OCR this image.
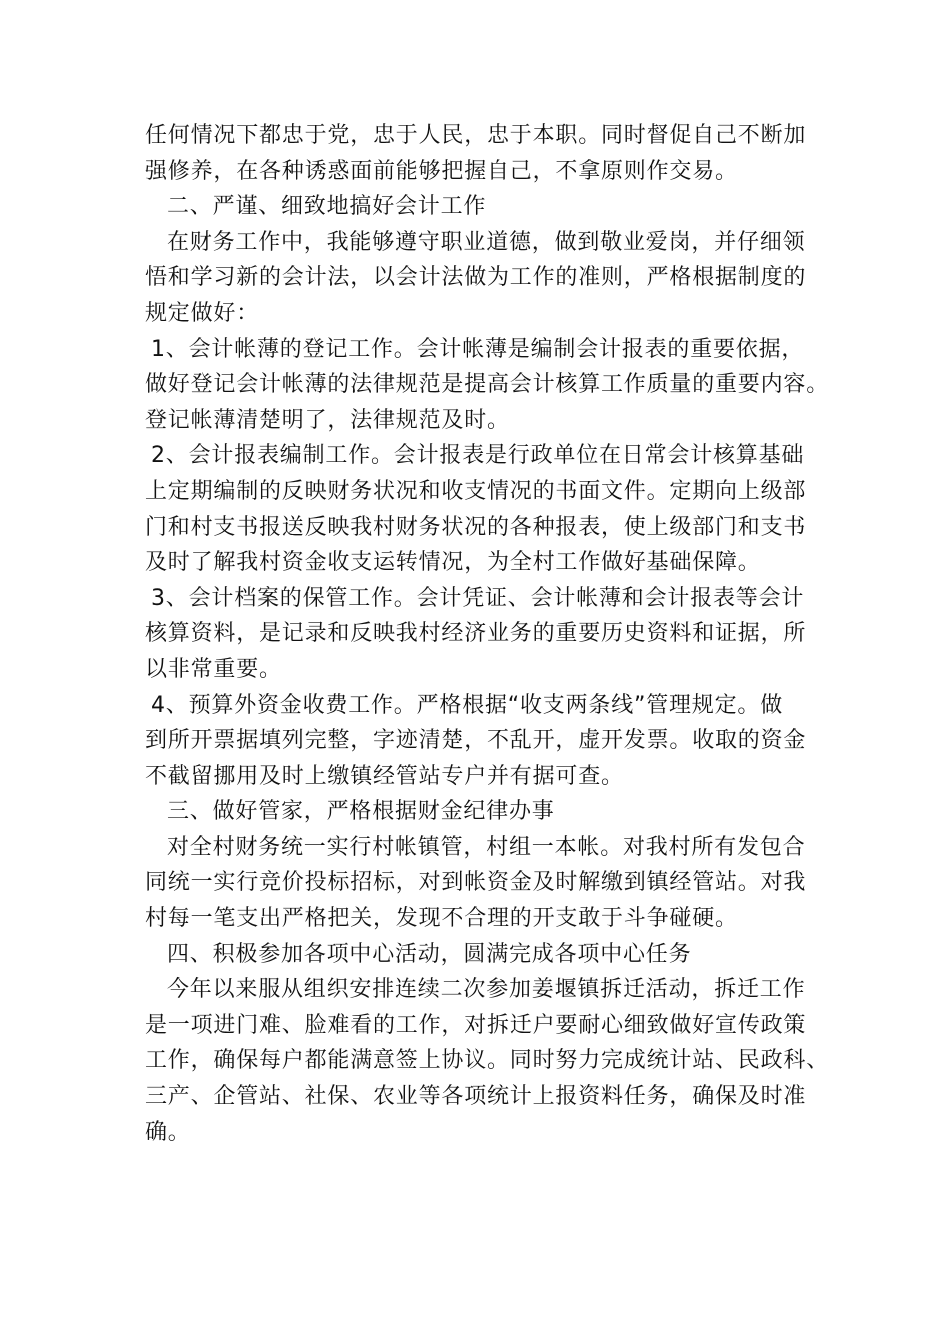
任何情况下都忠于党，忠于人民，忠于本职。同时督促自己不断加
强修养，在各种诱惑面前能够把握自己，不拿原则作交易。
二、严谨、细致地搞好会计工作
在财务工作中，我能够遵守职业道德，做到敬业爱岗，并仔细领
悟和学习新的会计法，以会计法做为工作的准则，严格根据制度的
规定做好：
1、会计帐薄的登记工作。会计帐薄是编制会计报表的重要依据，
做好登记会计帐薄的法律规范是提高会计核算工作质量的重要内容。
登记帐薄清楚明了，法律规范及时。
2、会计报表编制工作。会计报表是行政单位在日常会计核算基础
上定期编制的反映财务状况和收支情况的书面文件。定期向上级部
门和村支书报送反映我村财务状况的各种报表，使上级部门和支书
及时了解我村资金收支运转情况，为全村工作做好基础保障。
3、会计档案的保管工作。会计凭证、会计帐薄和会计报表等会计
核算资料，是记录和反映我村经济业务的重要历史资料和证据，所
以非常重要。
4、预算外资金收费工作。严格根据“收支两条线”管理规定。做
到所开票据填列完整，字迹清楚，不乱开，虚开发票。收取的资金
不截留挪用及时上缴镇经管站专户并有据可查。
三、做好管家，严格根据财金纪律办事
对全村财务统一实行村帐镇管，村组一本帐。对我村所有发包合
同统一实行竞价投标招标，对到帐资金及时解缴到镇经管站。对我
村每一笔支出严格把关，发现不合理的开支敢于斗争碰硬。
四、积极参加各项中心活动，圆满完成各项中心任务
今年以来服从组织安排连续二次参加姜堰镇拆迁活动，拆迁工作
是一项进门难、脸难看的工作，对拆迁户要耐心细致做好宣传政策
工作，确保每户都能满意签上协议。同时努力完成统计站、民政科、
三产、企管站、社保、农业等各项统计上报资料任务，确保及时准
确。
